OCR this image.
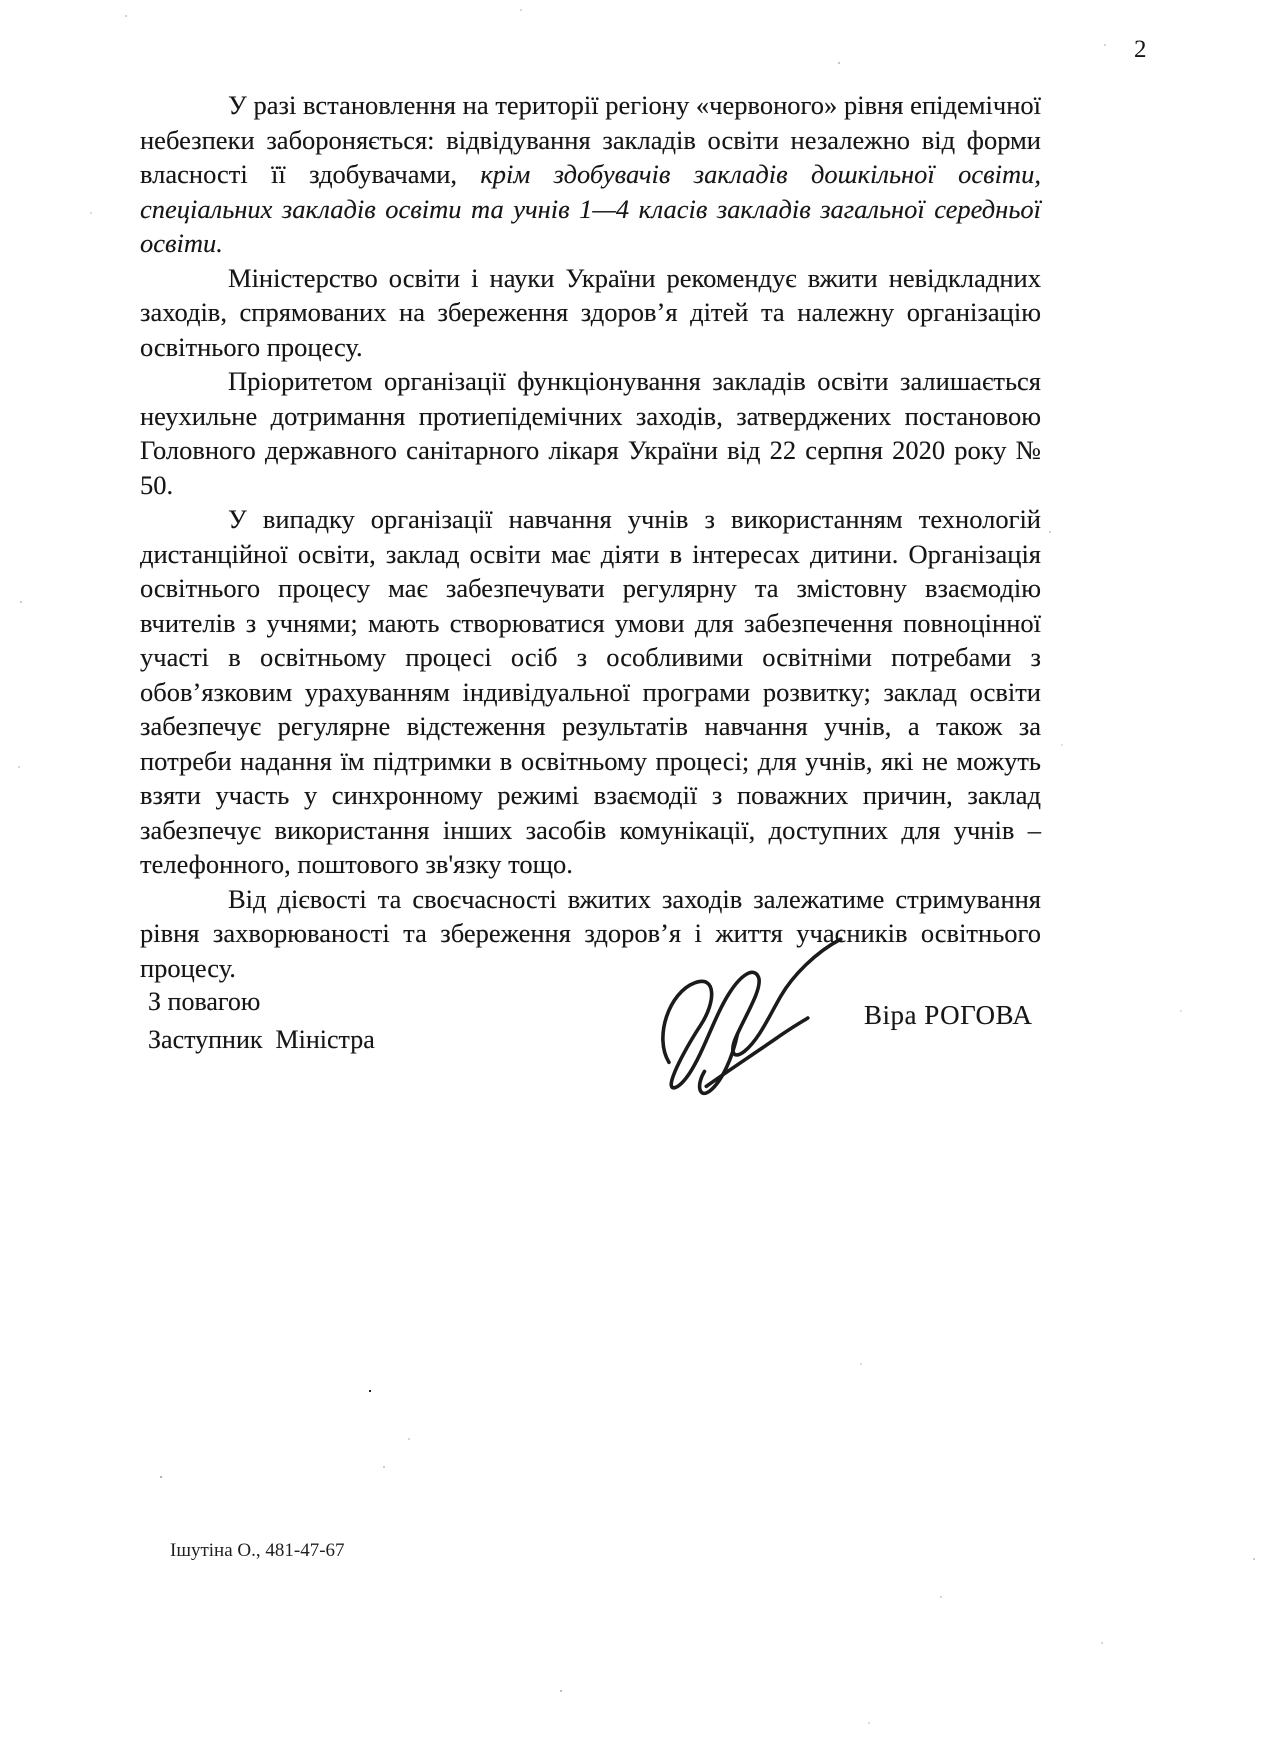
2

У разі встановлення на території регіону «червоного» рівня епідемічної небезпеки забороняється: відвідування закладів освіти незалежно від форми власності її здобувачами, крім здобувачів закладів дошкільної освіти, спеціальних закладів освіти та учнів 1—4 класів закладів загальної середньої освіти.

Міністерство освіти і науки України рекомендує вжити невідкладних заходів, спрямованих на збереження здоров’я дітей та належну організацію освітнього процесу.

Пріоритетом організації функціонування закладів освіти залишається неухильне дотримання протиепідемічних заходів, затверджених постановою Головного державного санітарного лікаря України від 22 серпня 2020 року № 50.

У випадку організації навчання учнів з використанням технологій дистанційної освіти, заклад освіти має діяти в інтересах дитини. Організація освітнього процесу має забезпечувати регулярну та змістовну взаємодію вчителів з учнями; мають створюватися умови для забезпечення повноцінної участі в освітньому процесі осіб з особливими освітніми потребами з обов’язковим урахуванням індивідуальної програми розвитку; заклад освіти забезпечує регулярне відстеження результатів навчання учнів, а також за потреби надання їм підтримки в освітньому процесі; для учнів, які не можуть взяти участь у синхронному режимі взаємодії з поважних причин, заклад забезпечує використання інших засобів комунікації, доступних для учнів – телефонного, поштового зв'язку тощо.

Від дієвості та своєчасності вжитих заходів залежатиме стримування рівня захворюваності та збереження здоров’я і життя учасників освітнього процесу.

З повагою
Заступник  Міністра
Віра РОГОВА
Ішутіна О., 481-47-67
